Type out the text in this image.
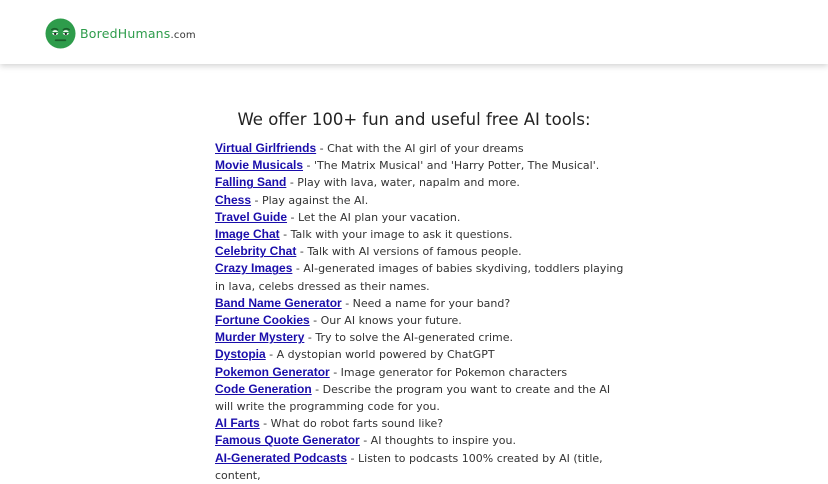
BoredHumans.com
We offer 100+ fun and useful free AI tools:
Virtual Girlfriends - Chat with the AI girl of your dreams
Movie Musicals - 'The Matrix Musical' and 'Harry Potter, The Musical'.
Falling Sand - Play with lava, water, napalm and more.
Chess - Play against the AI.
Travel Guide - Let the AI plan your vacation.
Image Chat - Talk with your image to ask it questions.
Celebrity Chat - Talk with AI versions of famous people.
Crazy Images - AI-generated images of babies skydiving, toddlers playing in lava, celebs dressed as their names.
Band Name Generator - Need a name for your band?
Fortune Cookies - Our AI knows your future.
Murder Mystery - Try to solve the AI-generated crime.
Dystopia - A dystopian world powered by ChatGPT
Pokemon Generator - Image generator for Pokemon characters
Code Generation - Describe the program you want to create and the AI will write the programming code for you.
AI Farts - What do robot farts sound like?
Famous Quote Generator - AI thoughts to inspire you.
AI-Generated Podcasts - Listen to podcasts 100% created by AI (title, content,
